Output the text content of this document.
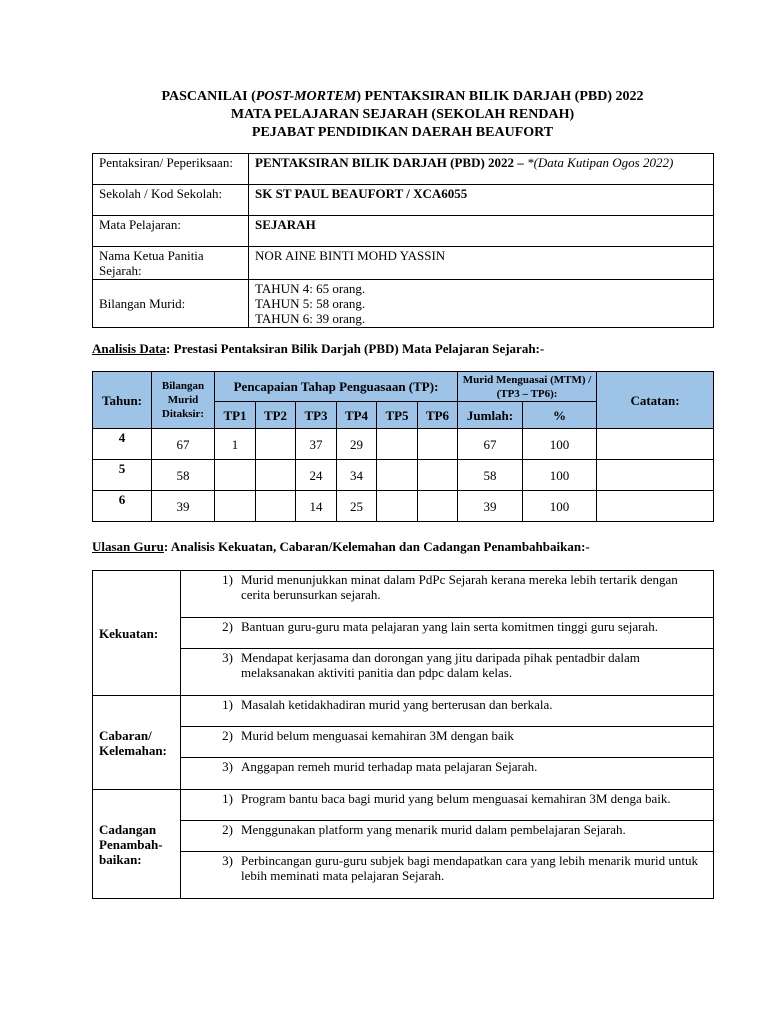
PASCANILAI (POST-MORTEM) PENTAKSIRAN BILIK DARJAH (PBD) 2022
MATA PELAJARAN SEJARAH (SEKOLAH RENDAH)
PEJABAT PENDIDIKAN DAERAH BEAUFORT
Pentaksiran/ Peperiksaan:	PENTAKSIRAN BILIK DARJAH (PBD) 2022 – *(Data Kutipan Ogos 2022)
Sekolah / Kod Sekolah:	SK ST PAUL BEAUFORT / XCA6055
Mata Pelajaran:	SEJARAH
Nama Ketua Panitia Sejarah:	NOR AINE BINTI MOHD YASSIN
Bilangan Murid:	TAHUN 4: 65 orang.
TAHUN 5: 58 orang.
TAHUN 6: 39 orang.
Analisis Data: Prestasi Pentaksiran Bilik Darjah (PBD) Mata Pelajaran Sejarah:-
Tahun:	Bilangan Murid Ditaksir:	Pencapaian Tahap Penguasaan (TP):						Murid Menguasai (MTM) / (TP3 – TP6):		Catatan:
		TP1	TP2	TP3	TP4	TP5	TP6	Jumlah:	%	
4	67	1		37	29			67	100	
5	58			24	34			58	100	
6	39			14	25			39	100	
Ulasan Guru: Analisis Kekuatan, Cabaran/Kelemahan dan Cadangan Penambahbaikan:-
Kekuatan:	1) Murid menunjukkan minat dalam PdPc Sejarah kerana mereka lebih tertarik dengan cerita berunsurkan sejarah.

	2) Bantuan guru-guru mata pelajaran yang lain serta komitmen tinggi guru sejarah.

	3) Mendapat kerjasama dan dorongan yang jitu daripada pihak pentadbir dalam melaksanakan aktiviti panitia dan pdpc dalam kelas.

Cabaran/ Kelemahan:	1) Masalah ketidakhadiran murid yang berterusan dan berkala.

	2) Murid belum menguasai kemahiran 3M dengan baik

	3) Anggapan remeh murid terhadap mata pelajaran Sejarah.

Cadangan Penambah-baikan:	1) Program bantu baca bagi murid yang belum menguasai kemahiran 3M denga baik.

	2) Menggunakan platform yang menarik murid dalam pembelajaran Sejarah.

	3) Perbincangan guru-guru subjek bagi mendapatkan cara yang lebih menarik murid untuk lebih meminati mata pelajaran Sejarah.
